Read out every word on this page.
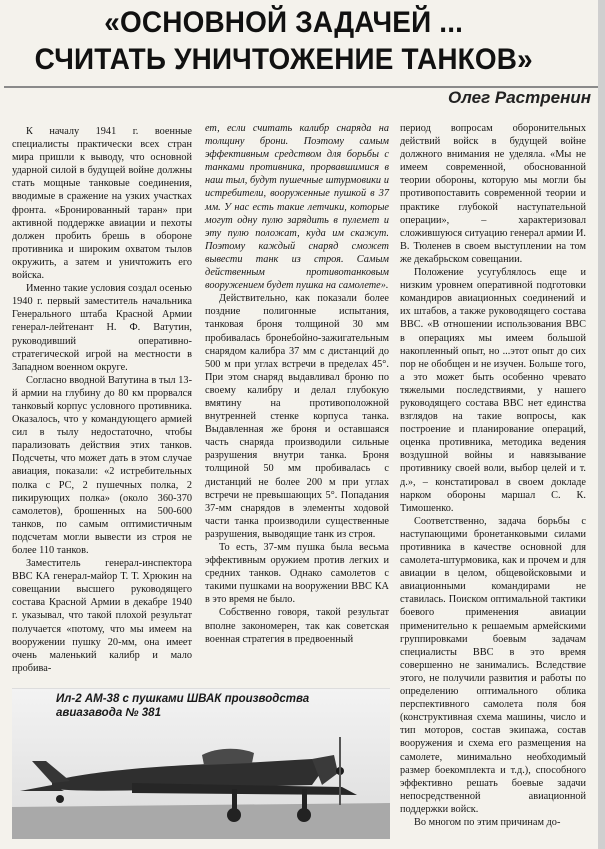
«ОСНОВНОЙ ЗАДАЧЕЙ ...
СЧИТАТЬ УНИЧТОЖЕНИЕ ТАНКОВ»
Олег Растренин

К началу 1941 г. военные специалисты практически всех стран мира пришли к выводу, что основной ударной силой в будущей войне должны стать мощные танковые соединения, вводимые в сражение на узких участках фронта. «Бронированный таран» при активной поддержке авиации и пехоты должен пробить брешь в обороне противника и широким охватом тылов окружить, а затем и уничтожить его войска.

Именно такие условия создал осенью 1940 г. первый заместитель начальника Генерального штаба Красной Армии генерал-лейтенант Н. Ф. Ватутин, руководивший оперативно-стратегической игрой на местности в Западном военном округе.

Согласно вводной Ватутина в тыл 13-й армии на глубину до 80 км прорвался танковый корпус условного противника. Оказалось, что у командующего армией сил в тылу недостаточно, чтобы парализовать действия этих танков. Подсчеты, что может дать в этом случае авиация, показали: «2 истребительных полка с РС, 2 пушечных полка, 2 пикирующих полка» (около 360-370 самолетов), брошенных на 500-600 танков, по самым оптимистичным подсчетам могли вывести из строя не более 110 танков.

Заместитель генерал-инспектора ВВС КА генерал-майор Т. Т. Хрюкин на совещании высшего руководящего состава Красной Армии в декабре 1940 г. указывал, что такой плохой результат получается «потому, что мы имеем на вооружении пушку 20-мм, она имеет очень маленький калибр и мало пробива-

ет, если считать калибр снаряда на толщину брони. Поэтому самым эффективным средством для борьбы с танками противника, прорвавшимися в наш тыл, будут пушечные штурмовики и истребители, вооруженные пушкой в 37 мм. У нас есть такие летчики, которые могут одну пулю зарядить в пулемет и эту пулю положат, куда им скажут. Поэтому каждый снаряд сможет вывести танк из строя. Самым действенным противотанковым вооружением будет пушка на самолете».

Действительно, как показали более поздние полигонные испытания, танковая броня толщиной 30 мм пробивалась бронебойно-зажигательным снарядом калибра 37 мм с дистанций до 500 м при углах встречи в пределах 45°. При этом снаряд выдавливал броню по своему калибру и делал глубокую вмятину на противоположной внутренней стенке корпуса танка. Выдавленная же броня и оставшаяся часть снаряда производили сильные разрушения внутри танка. Броня толщиной 50 мм пробивалась с дистанций не более 200 м при углах встречи не превышающих 5°. Попадания 37-мм снарядов в элементы ходовой части танка производили существенные разрушения, выводящие танк из строя.

То есть, 37-мм пушка была весьма эффективным оружием против легких и средних танков. Однако самолетов с такими пушками на вооружении ВВС КА в это время не было.

Собственно говоря, такой результат вполне закономерен, так как советская военная стратегия в предвоенный

период вопросам оборонительных действий войск в будущей войне должного внимания не уделяла. «Мы не имеем современной, обоснованной теории обороны, которую мы могли бы противопоставить современной теории и практике глубокой наступательной операции», – характеризовал сложившуюся ситуацию генерал армии И. В. Тюленев в своем выступлении на том же декабрьском совещании.

Положение усугублялось еще и низким уровнем оперативной подготовки командиров авиационных соединений и их штабов, а также руководящего состава ВВС. «В отношении использования ВВС в операциях мы имеем большой накопленный опыт, но ...этот опыт до сих пор не обобщен и не изучен. Больше того, а это может быть особенно чревато тяжелыми последствиями, у нашего руководящего состава ВВС нет единства взглядов на такие вопросы, как построение и планирование операций, оценка противника, методика ведения воздушной войны и навязывание противнику своей воли, выбор целей и т. д.», – констатировал в своем докладе нарком обороны маршал С. К. Тимошенко.

Соответственно, задача борьбы с наступающими бронетанковыми силами противника в качестве основной для самолета-штурмовика, как и прочем и для авиации в целом, общевойсковыми и авиационными командирами не ставилась. Поиском оптимальной тактики боевого применения авиации применительно к решаемым армейскими группировками боевым задачам специалисты ВВС в это время совершенно не занимались. Вследствие этого, не получили развития и работы по определению оптимального облика перспективного самолета поля боя (конструктивная схема машины, число и тип моторов, состав экипажа, состав вооружения и схема его размещения на самолете, минимально необходимый размер боекомплекта и т.д.), способного эффективно решать боевые задачи непосредственной авиационной поддержки войск.

Во многом по этим причинам до-

Ил-2 АМ-38 с пушками ШВАК производства
авиазавода № 381
